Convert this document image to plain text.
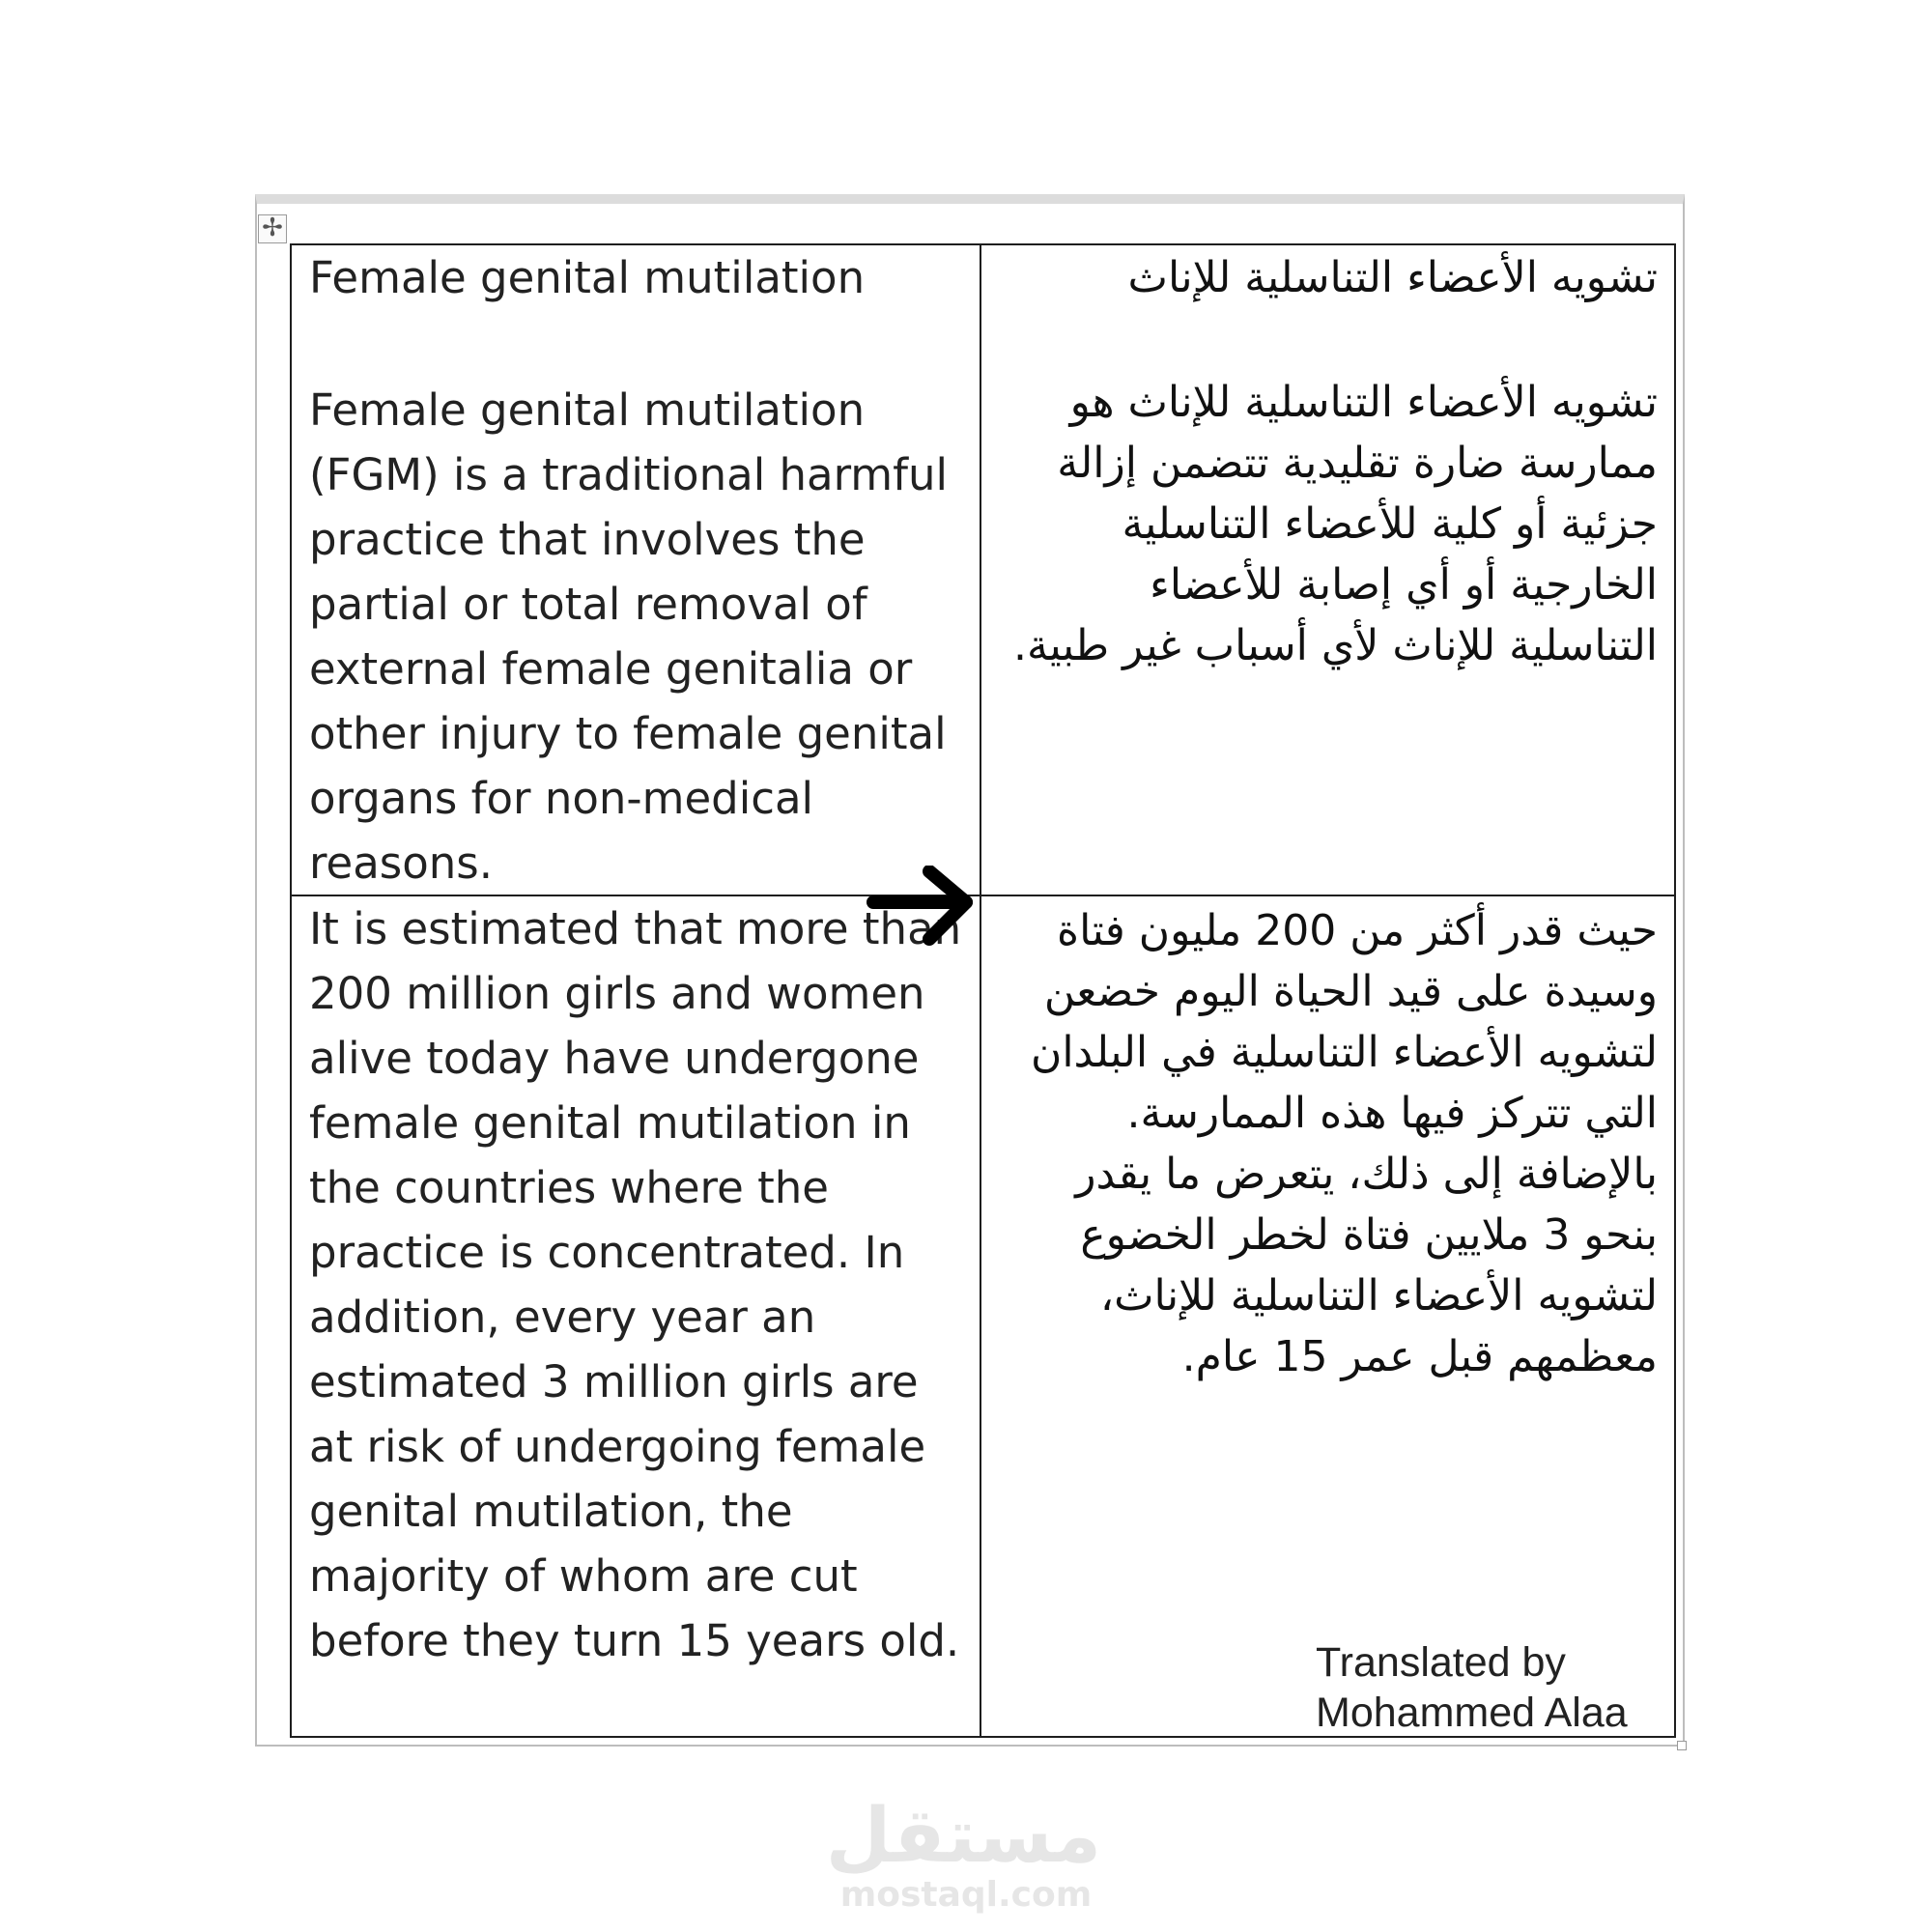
✢

Female genital mutilation

Female genital mutilation (FGM) is a traditional harmful practice that involves the partial or total removal of external female genitalia or other injury to female genital organs for non-medical reasons.

تشويه الأعضاء التناسلية للإناث

تشويه الأعضاء التناسلية للإناث هو ممارسة ضارة تقليدية تتضمن إزالة جزئية أو كلية للأعضاء التناسلية الخارجية أو أي إصابة للأعضاء التناسلية للإناث لأي أسباب غير طبية.

It is estimated that more than 200 million girls and women alive today have undergone female genital mutilation in the countries where the practice is concentrated. In addition, every year an estimated 3 million girls are at risk of undergoing female genital mutilation, the majority of whom are cut before they turn 15 years old.

حيث قدر أكثر من 200 مليون فتاة وسيدة على قيد الحياة اليوم خضعن لتشويه الأعضاء التناسلية في البلدان التي تتركز فيها هذه الممارسة.

بالإضافة إلى ذلك، يتعرض ما يقدر بنحو 3 ملايين فتاة لخطر الخضوع لتشويه الأعضاء التناسلية للإناث، معظمهم قبل عمر 15 عام.

Translated by
Mohammed Alaa
مستقل
mostaql.com
